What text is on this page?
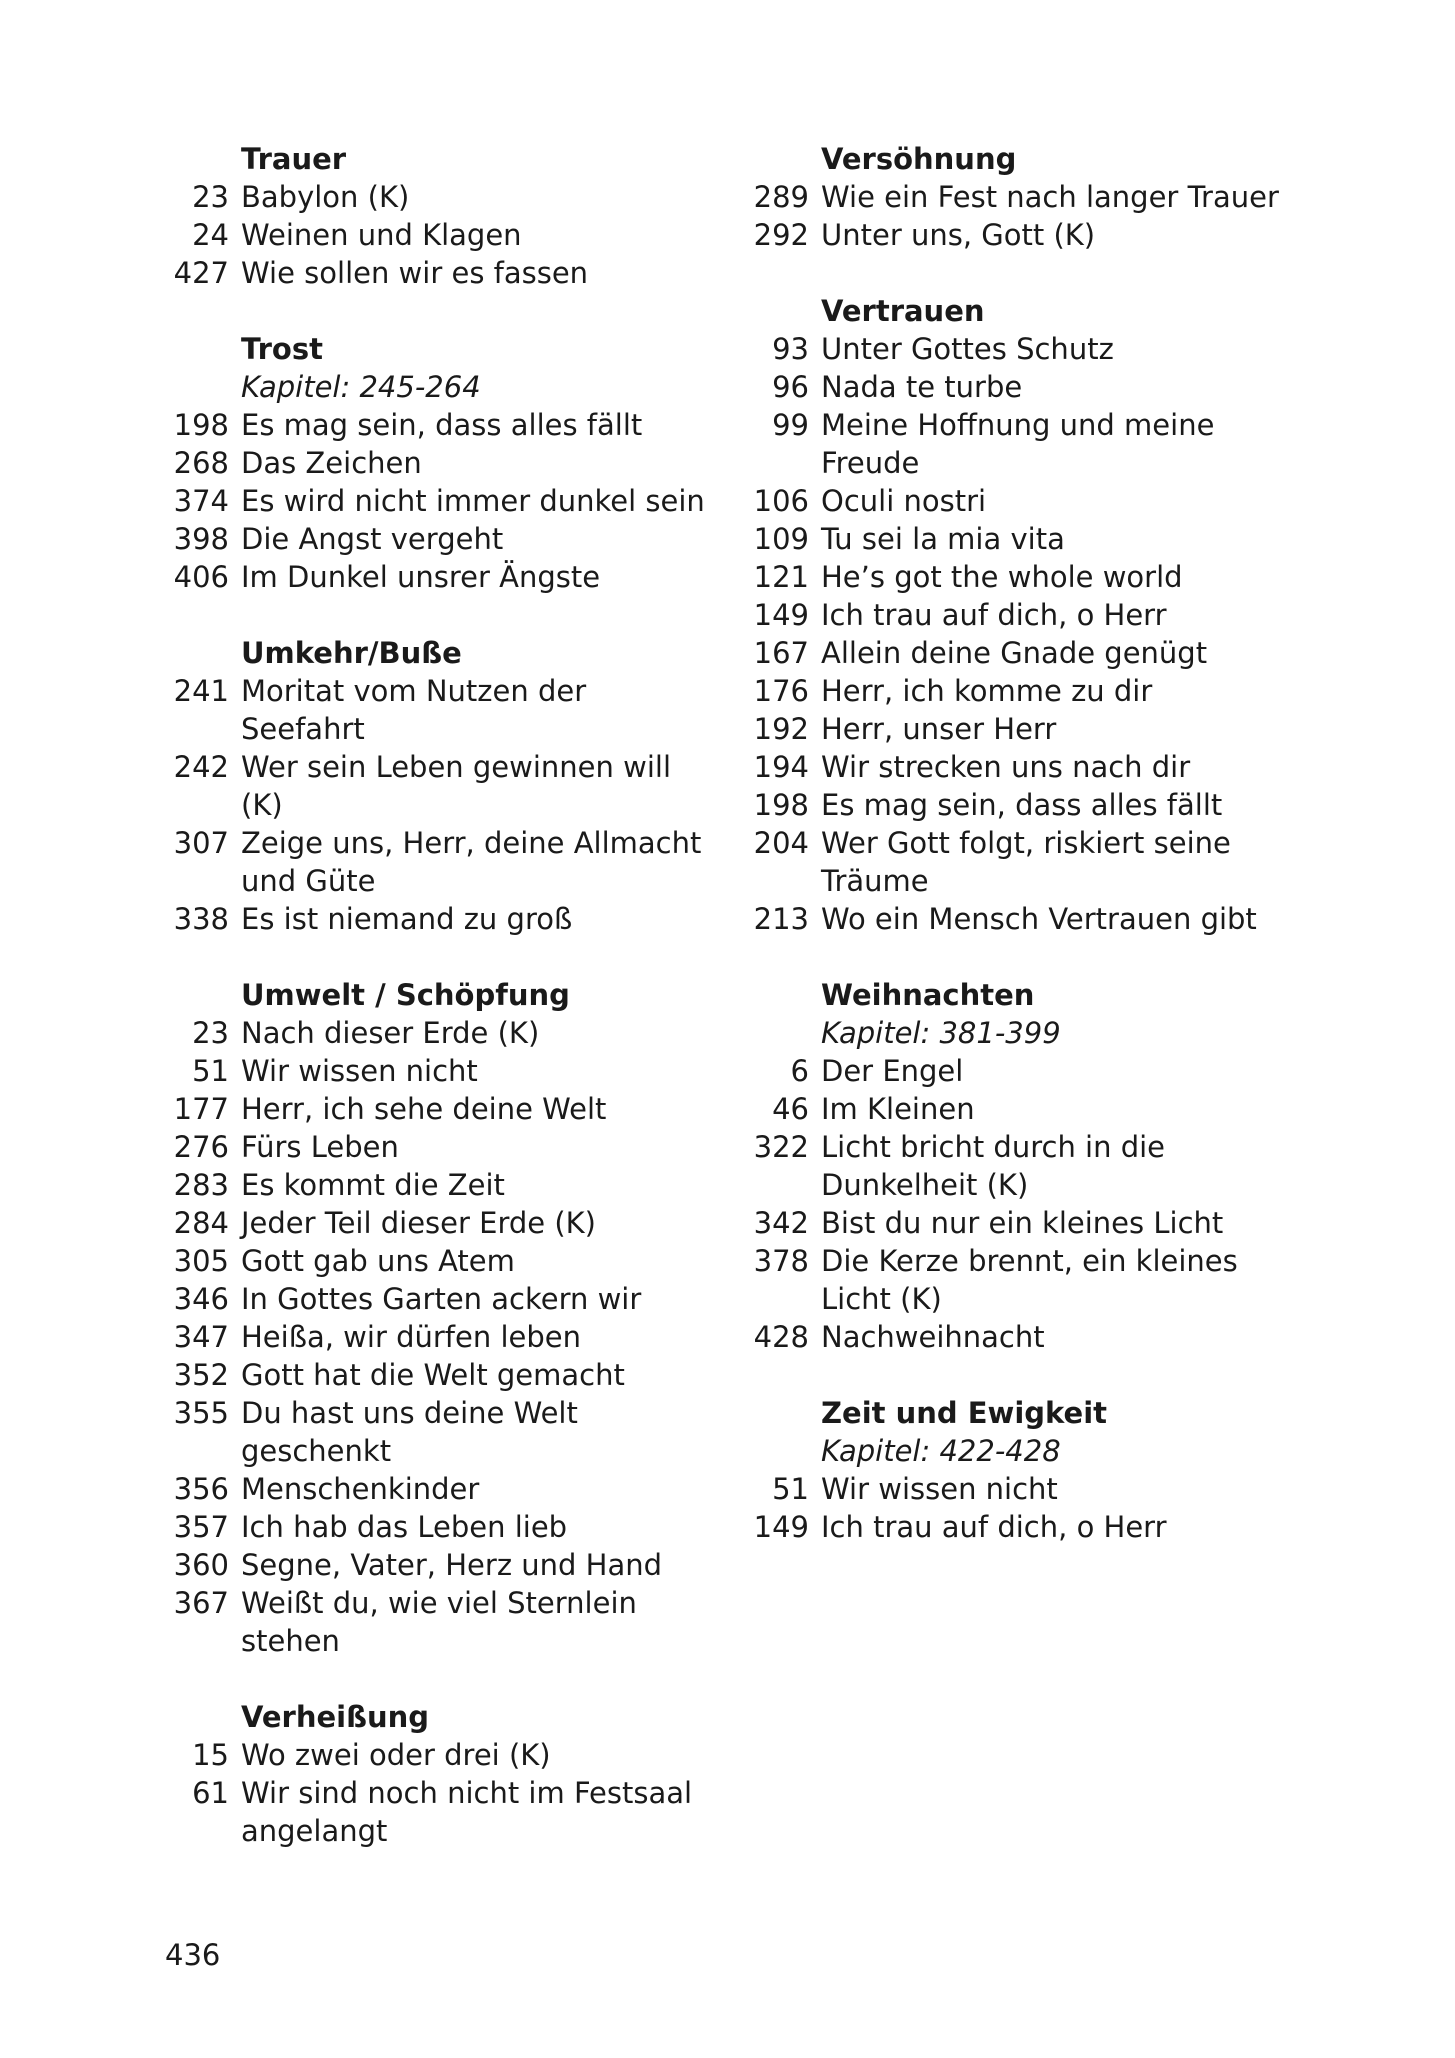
Trauer
23 Babylon (K)
24 Weinen und Klagen
427 Wie sollen wir es fassen
Trost
Kapitel: 245-264
198 Es mag sein, dass alles fällt
268 Das Zeichen
374 Es wird nicht immer dunkel sein
398 Die Angst vergeht
406 Im Dunkel unsrer Ängste
Umkehr/Buße
241 Moritat vom Nutzen der Seefahrt
242 Wer sein Leben gewinnen will (K)
307 Zeige uns, Herr, deine Allmacht und Güte
338 Es ist niemand zu groß
Umwelt / Schöpfung
23 Nach dieser Erde (K)
51 Wir wissen nicht
177 Herr, ich sehe deine Welt
276 Fürs Leben
283 Es kommt die Zeit
284 Jeder Teil dieser Erde (K)
305 Gott gab uns Atem
346 In Gottes Garten ackern wir
347 Heißa, wir dürfen leben
352 Gott hat die Welt gemacht
355 Du hast uns deine Welt geschenkt
356 Menschenkinder
357 Ich hab das Leben lieb
360 Segne, Vater, Herz und Hand
367 Weißt du, wie viel Sternlein stehen
Verheißung
15 Wo zwei oder drei (K)
61 Wir sind noch nicht im Festsaal angelangt
Versöhnung
289 Wie ein Fest nach langer Trauer
292 Unter uns, Gott (K)
Vertrauen
93 Unter Gottes Schutz
96 Nada te turbe
99 Meine Hoffnung und meine Freude
106 Oculi nostri
109 Tu sei la mia vita
121 He’s got the whole world
149 Ich trau auf dich, o Herr
167 Allein deine Gnade genügt
176 Herr, ich komme zu dir
192 Herr, unser Herr
194 Wir strecken uns nach dir
198 Es mag sein, dass alles fällt
204 Wer Gott folgt, riskiert seine Träume
213 Wo ein Mensch Vertrauen gibt
Weihnachten
Kapitel: 381-399
6 Der Engel
46 Im Kleinen
322 Licht bricht durch in die Dunkelheit (K)
342 Bist du nur ein kleines Licht
378 Die Kerze brennt, ein kleines Licht (K)
428 Nachweihnacht
Zeit und Ewigkeit
Kapitel: 422-428
51 Wir wissen nicht
149 Ich trau auf dich, o Herr
436
